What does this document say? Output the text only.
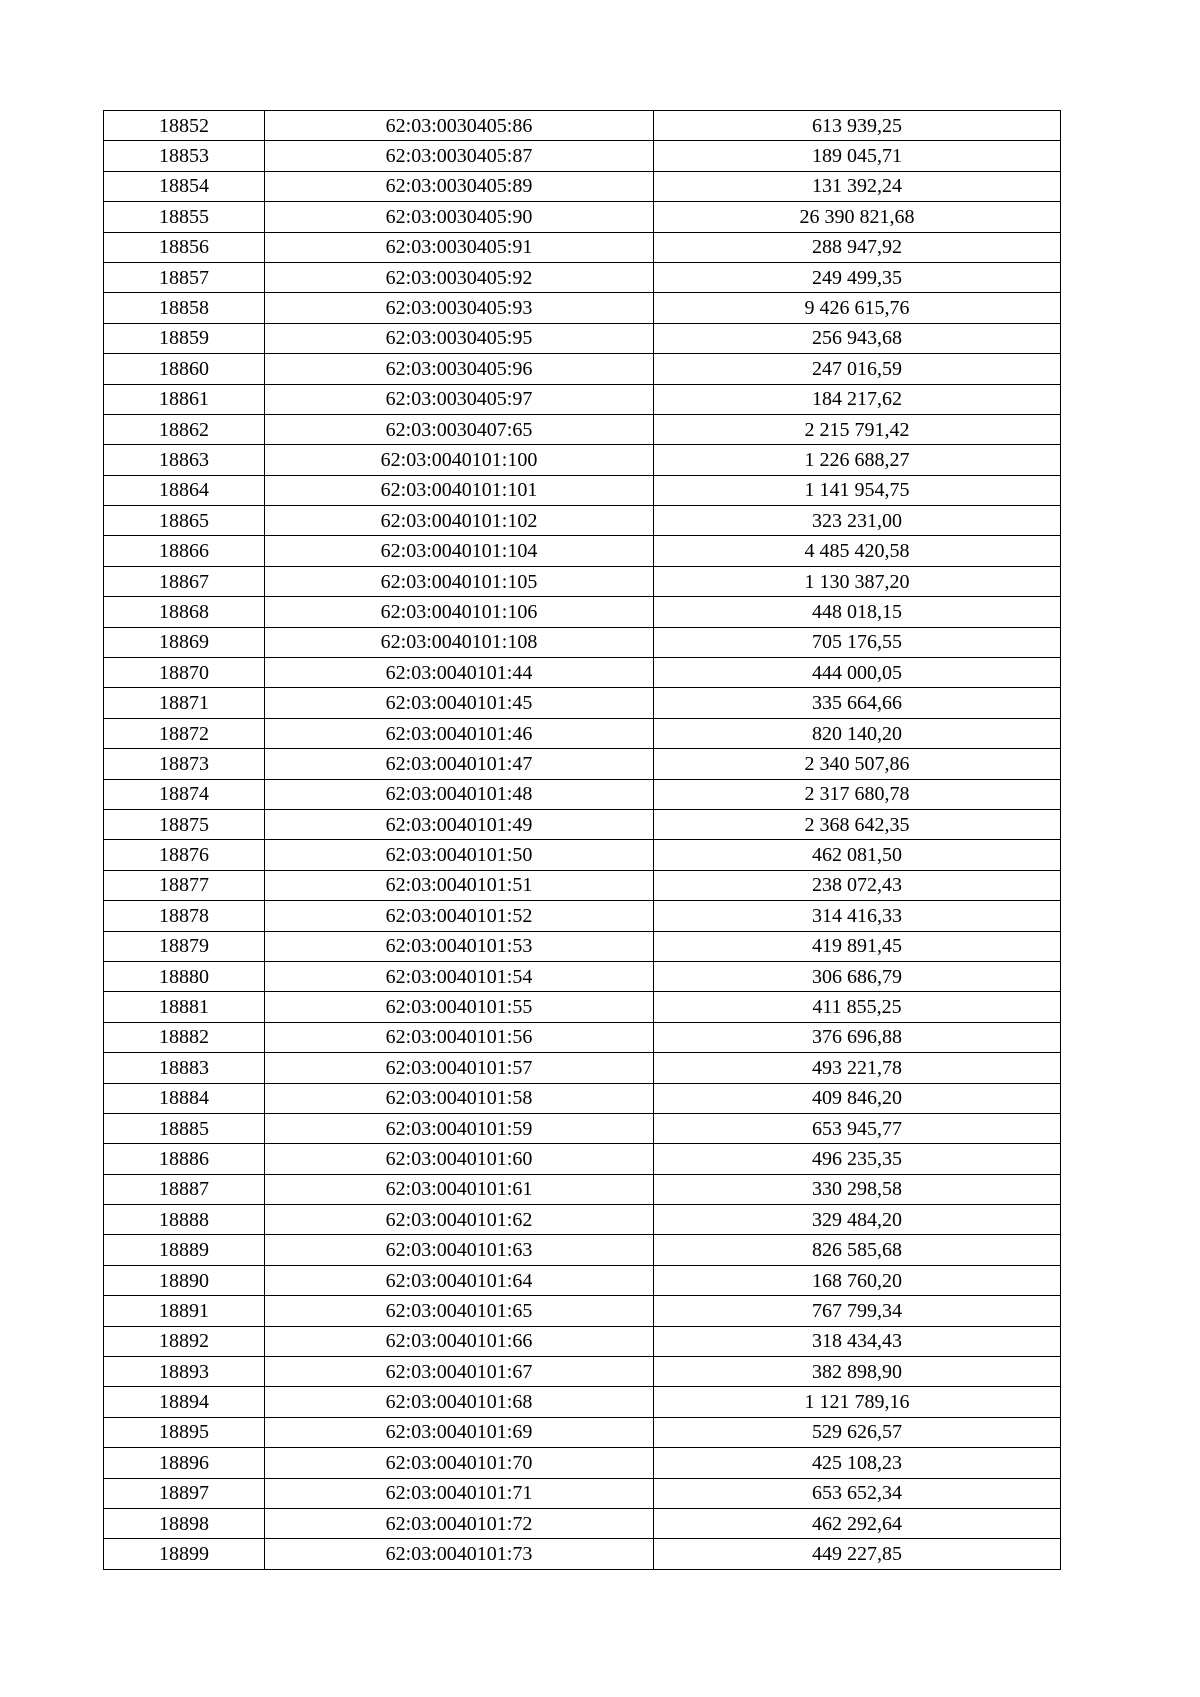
18852	62:03:0030405:86	613 939,25
18853	62:03:0030405:87	189 045,71
18854	62:03:0030405:89	131 392,24
18855	62:03:0030405:90	26 390 821,68
18856	62:03:0030405:91	288 947,92
18857	62:03:0030405:92	249 499,35
18858	62:03:0030405:93	9 426 615,76
18859	62:03:0030405:95	256 943,68
18860	62:03:0030405:96	247 016,59
18861	62:03:0030405:97	184 217,62
18862	62:03:0030407:65	2 215 791,42
18863	62:03:0040101:100	1 226 688,27
18864	62:03:0040101:101	1 141 954,75
18865	62:03:0040101:102	323 231,00
18866	62:03:0040101:104	4 485 420,58
18867	62:03:0040101:105	1 130 387,20
18868	62:03:0040101:106	448 018,15
18869	62:03:0040101:108	705 176,55
18870	62:03:0040101:44	444 000,05
18871	62:03:0040101:45	335 664,66
18872	62:03:0040101:46	820 140,20
18873	62:03:0040101:47	2 340 507,86
18874	62:03:0040101:48	2 317 680,78
18875	62:03:0040101:49	2 368 642,35
18876	62:03:0040101:50	462 081,50
18877	62:03:0040101:51	238 072,43
18878	62:03:0040101:52	314 416,33
18879	62:03:0040101:53	419 891,45
18880	62:03:0040101:54	306 686,79
18881	62:03:0040101:55	411 855,25
18882	62:03:0040101:56	376 696,88
18883	62:03:0040101:57	493 221,78
18884	62:03:0040101:58	409 846,20
18885	62:03:0040101:59	653 945,77
18886	62:03:0040101:60	496 235,35
18887	62:03:0040101:61	330 298,58
18888	62:03:0040101:62	329 484,20
18889	62:03:0040101:63	826 585,68
18890	62:03:0040101:64	168 760,20
18891	62:03:0040101:65	767 799,34
18892	62:03:0040101:66	318 434,43
18893	62:03:0040101:67	382 898,90
18894	62:03:0040101:68	1 121 789,16
18895	62:03:0040101:69	529 626,57
18896	62:03:0040101:70	425 108,23
18897	62:03:0040101:71	653 652,34
18898	62:03:0040101:72	462 292,64
18899	62:03:0040101:73	449 227,85
